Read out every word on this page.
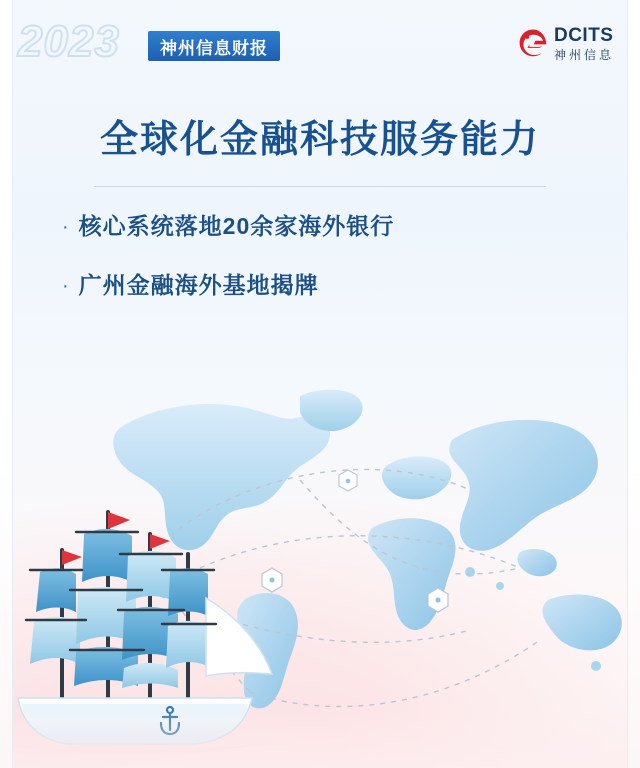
2023 神州信息财报
DCITS
神州信息
全球化金融科技服务能力
· 核心系统落地20余家海外银行
· 广州金融海外基地揭牌
